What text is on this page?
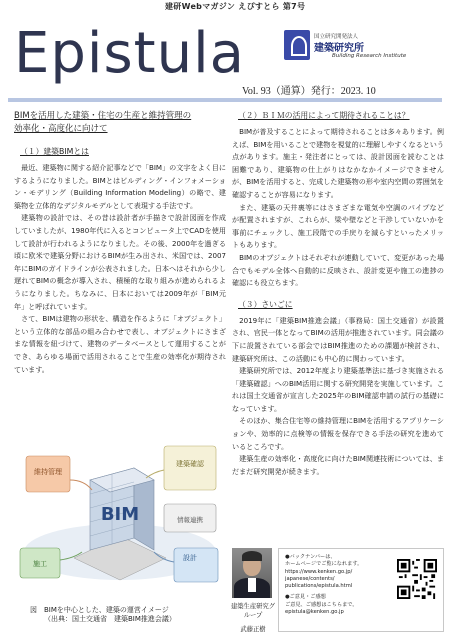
建研Webマガジン えぴすとら 第7号
Epistula	国立研究開発法人
建築研究所
Building Research Institute
Vol. 93（通算）発行：2023. 10
BIMを活用した建築・住宅の生産と維持管理の
効率化・高度化に向けて
（１）建築BIMとは

最近、建築物に関する紹介記事などで「BIM」の文字をよく目にするようになりました。BIMとはビルディング・インフォメーション・モデリング（Building Information Modeling）の略で、建築物を立体的なデジタルモデルとして表現する手法です。

建築物の設計では、その昔は設計者が手描きで設計図面を作成していましたが、1980年代に入るとコンピュータ上でCADを使用して設計が行われるようになりました。その後、2000年を過ぎる頃に欧米で建築分野におけるBIMが生み出され、米国では、2007年にBIMのガイドラインが公表されました。日本へはそれから少し遅れてBIMの概念が導入され、積極的な取り組みが進められるようになりました。ちなみに、日本においては2009年が「BIM元年」と呼ばれています。

さて、BIMは建物の形状を、構造を作るように「オブジェクト」という立体的な部品の組み合わせで表し、オブジェクトにさまざまな情報を紐づけて、建物のデータベースとして運用することができ、あらゆる場面で活用されることで生産の効率化が期待されています。

BIM
維持管理
設計
施工
建築確認
情報連携
図　BIMを中心とした、建築の運営イメージ
（出典：国土交通省　建築BIM推進会議）
（２）ＢＩＭの活用によって期待されることは？

BIMが普及することによって期待されることは多々あります。例えば、BIMを用いることで建物を視覚的に理解しやすくなるという点があります。施主・発注者にとっては、設計図面を読むことは困難であり、建築物の仕上がりはなかなかイメージできませんが、BIMを活用すると、完成した建築物の形や室内空間の雰囲気を確認することが容易になります。

また、建築の天井裏等にはさまざまな電気や空調のパイプなどが配置されますが、これらが、梁や壁などと干渉していないかを事前にチェックし、施工段階での手戻りを減らすといったメリットもあります。

BIMのオブジェクトはそれぞれが連動していて、変更があった場合でもモデル全体へ自動的に反映され、設計変更や施工の進捗の確認にも役立ちます。

（３）さいごに

2019年に「建築BIM推進会議」（事務局：国土交通省）が設置され、官民一体となってBIMの活用が推進されています。同会議の下に設置されている部会ではBIM推進のための課題が検討され、建築研究所は、この活動にも中心的に関わっています。

建築研究所では、2012年度より建築基準法に基づき実施される「建築確認」へのBIM活用に関する研究開発を実施しています。これは国土交通省が宣言した2025年のBIM確認申請の試行の基礎になっています。

そのほか、集合住宅等の維持管理にBIMを活用するアプリケーションや、効率的に点検等の情報を保存できる手法の研究を進めているところです。

建築生産の効率化・高度化に向けたBIM関連技術については、まだまだ研究開発が続きます。

建築生産研究グループ
武藤正樹
●バックナンバーは、
ホームページでご覧になれます。
https://www.kenken.go.jp/
japanese/contents/
publications/epistula.html
●ご意見・ご感想
ご意見、ご感想はこちらまで。
epistula@kenken.go.jp
